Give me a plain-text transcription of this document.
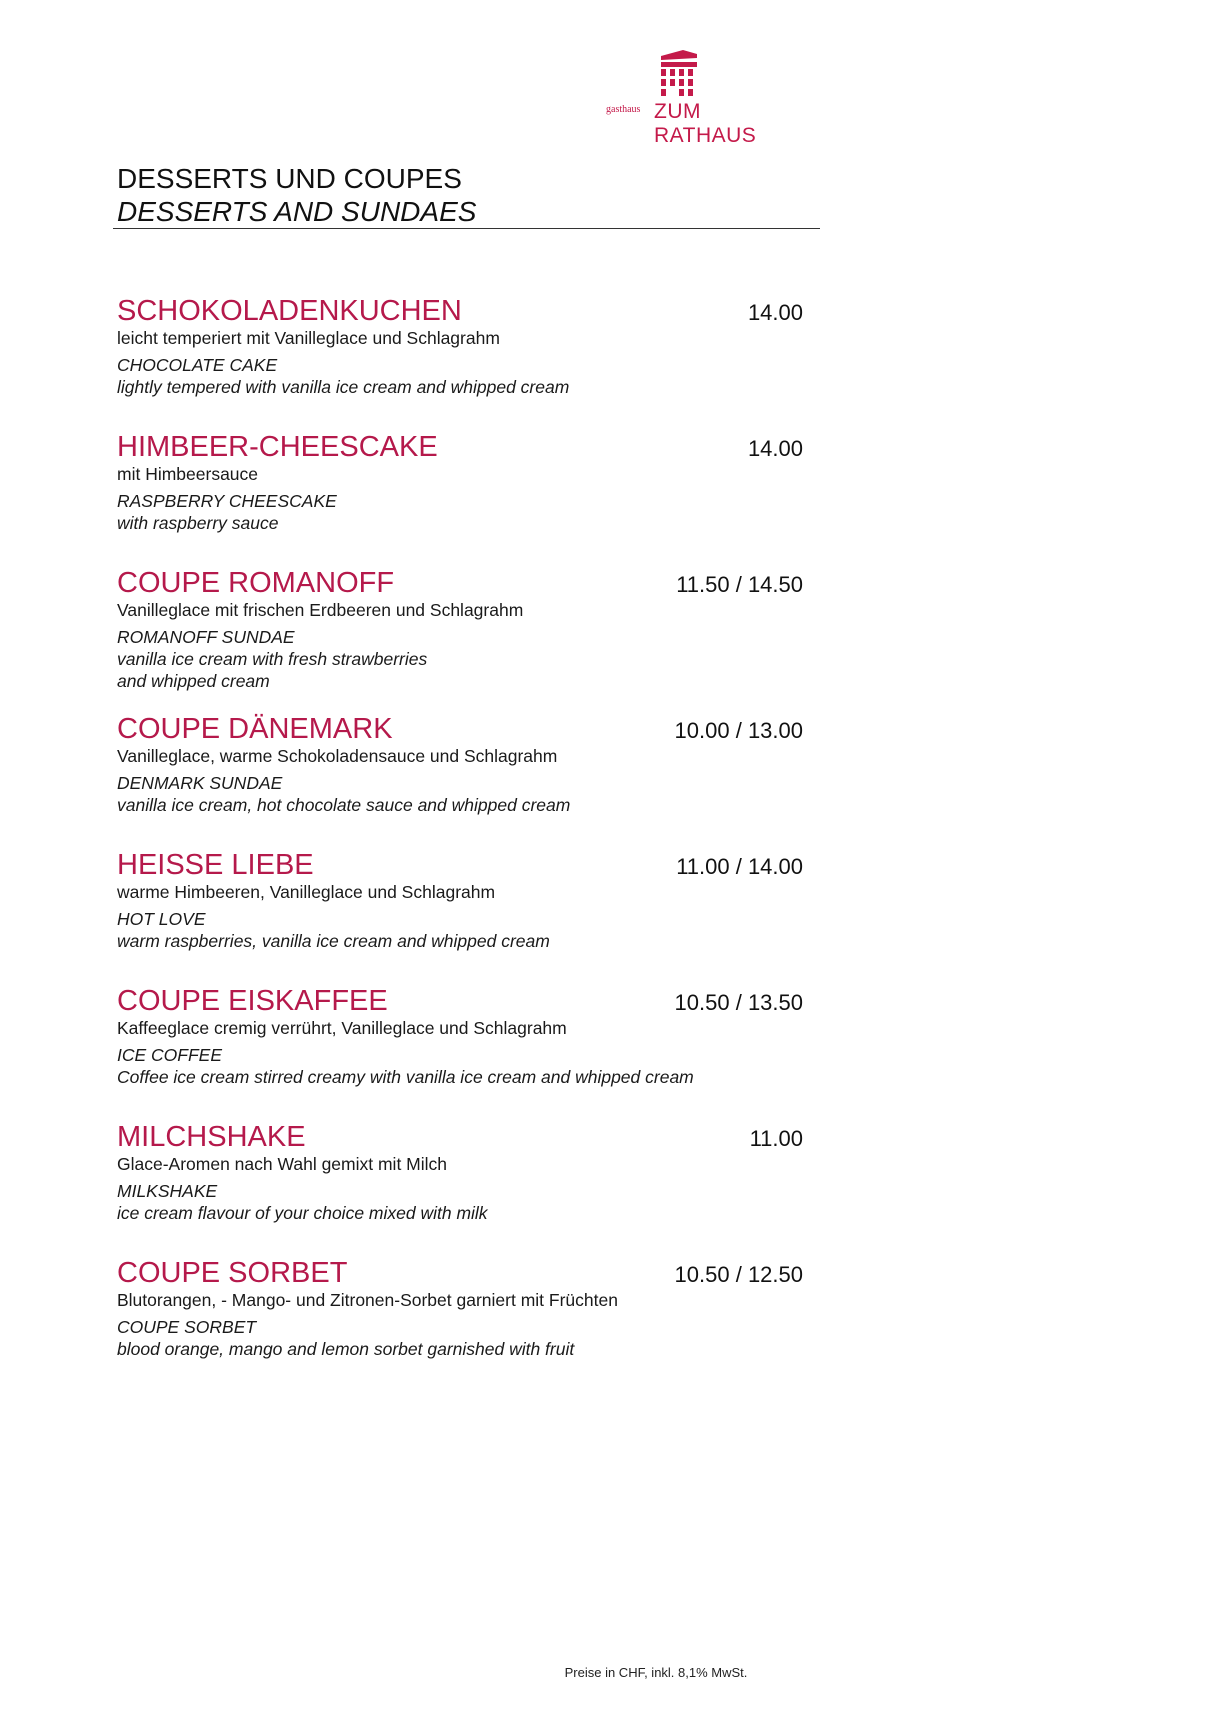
gasthaus ZUM RATHAUS
DESSERTS UND COUPES
DESSERTS AND SUNDAES
SCHOKOLADENKUCHEN	14.00
leicht temperiert mit Vanilleglace und Schlagrahm
CHOCOLATE CAKE
lightly tempered with vanilla ice cream and whipped cream
HIMBEER-CHEESCAKE	14.00
mit Himbeersauce
RASPBERRY CHEESCAKE
with raspberry sauce
COUPE ROMANOFF	11.50 / 14.50
Vanilleglace mit frischen Erdbeeren und Schlagrahm
ROMANOFF SUNDAE
vanilla ice cream with fresh strawberries
and whipped cream
COUPE DÄNEMARK	10.00 / 13.00
Vanilleglace, warme Schokoladensauce und Schlagrahm
DENMARK SUNDAE
vanilla ice cream, hot chocolate sauce and whipped cream
HEISSE LIEBE	11.00 / 14.00
warme Himbeeren, Vanilleglace und Schlagrahm
HOT LOVE
warm raspberries, vanilla ice cream and whipped cream
COUPE EISKAFFEE	10.50 / 13.50
Kaffeeglace cremig verrührt, Vanilleglace und Schlagrahm
ICE COFFEE
Coffee ice cream stirred creamy with vanilla ice cream and whipped cream
MILCHSHAKE	11.00
Glace-Aromen nach Wahl gemixt mit Milch
MILKSHAKE
ice cream flavour of your choice mixed with milk
COUPE SORBET	10.50 / 12.50
Blutorangen, - Mango- und Zitronen-Sorbet garniert mit Früchten
COUPE SORBET
blood orange, mango and lemon sorbet garnished with fruit
Preise in CHF, inkl. 8,1% MwSt.
